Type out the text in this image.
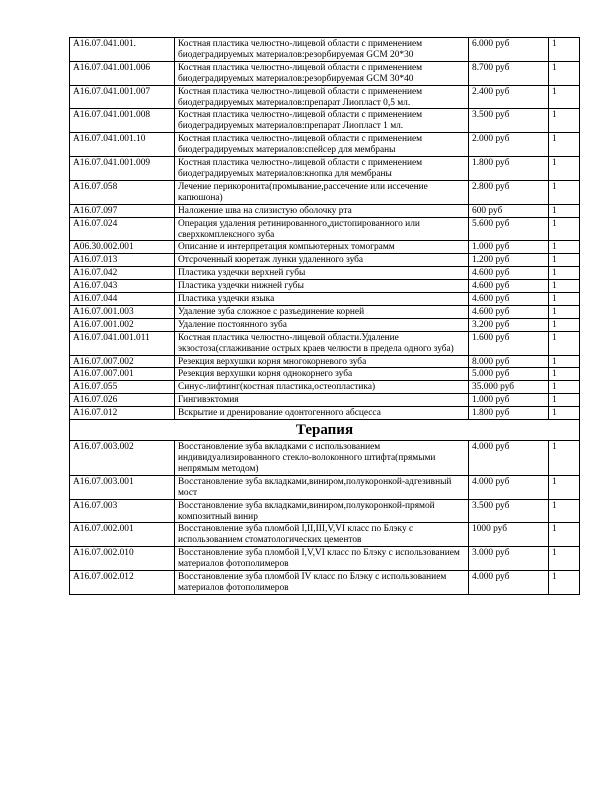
A16.07.041.001.	Костная пластика челюстно-лицевой области с применением биодеградируемых материалов:резорбируемая GCM 20*30	6.000 руб	1
A16.07.041.001.006	Костная пластика челюстно-лицевой области с применением биодеградируемых материалов:резорбируемая GCM 30*40	8.700 руб	1
A16.07.041.001.007	Костная пластика челюстно-лицевой области с применением биодеградируемых материалов:препарат Лиопласт 0,5 мл.	2.400 руб	1
A16.07.041.001.008	Костная пластика челюстно-лицевой области с применением биодеградируемых материалов:препарат Лиопласт 1 мл.	3.500 руб	1
A16.07.041.001.10	Костная пластика челюстно-лицевой области с применением биодеградируемых материалов:спейсер для мембраны	2.000 руб	1
A16.07.041.001.009	Костная пластика челюстно-лицевой области с применением биодеградируемых материалов:кнопка для мембраны	1.800 руб	1
A16.07.058	Лечение перикоронита(промывание,рассечение или иссечение капюшона)	2.800 руб	1
A16.07.097	Наложение шва на слизистую оболочку рта	600 руб	1
A16.07.024	Операция удаления ретинированного,дистопированного или сверхкомплексного зуба	5.600 руб	1
A06.30.002.001	Описание и интерпретация компьютерных томограмм	1.000 руб	1
A16.07.013	Отсроченный кюретаж лунки удаленного зуба	1.200 руб	1
A16.07.042	Пластика уздечки верхней губы	4.600 руб	1
A16.07.043	Пластика уздечки нижней губы	4.600 руб	1
A16.07.044	Пластика уздечки языка	4.600 руб	1
A16.07.001.003	Удаление зуба сложное с разъединение корней	4.600 руб	1
A16.07.001.002	Удаление постоянного зуба	3.200 руб	1
A16.07.041.001.011	Костная пластика челюстно-лицевой области.Удаление экзостоза(сглаживание острых краев челюсти в предела одного зуба)	1.600 руб	1
A16.07.007.002	Резекция верхушки корня многокорневого зуба	8.000 руб	1
A16.07.007.001	Резекция верхушки корня однокорнего зуба	5.000 руб	1
A16.07.055	Синус-лифтинг(костная пластика,остеопластика)	35.000 руб	1
A16.07.026	Гингивэктомия	1.000 руб	1
A16.07.012	Вскрытие и дренирование одонтогенного абсцесса	1.800 руб	1
Терапия			
A16.07.003.002	Восстановление зуба вкладками с использованием индивидуализированного стекло-волоконного штифта(прямыми непрямым методом)	4.000 руб	1
A16.07.003.001	Восстановление зуба вкладками,виниром,полукоронкой-адгезивный мост	4.000 руб	1
A16.07.003	Восстановление зуба вкладками,виниром,полукоронкой-прямой композитный винир	3.500 руб	1
A16.07.002.001	Восстановление зуба пломбой I,II,III,V,VI класс по Блэку с использованием стоматологических цементов	1000 руб	1
A16.07.002.010	Восстановление зуба пломбой I,V,VI класс по Блэку с использованием материалов фотополимеров	3.000 руб	1
A16.07.002.012	Восстановление зуба пломбой IV класс по Блэку с использованием материалов фотополимеров	4.000 руб	1
